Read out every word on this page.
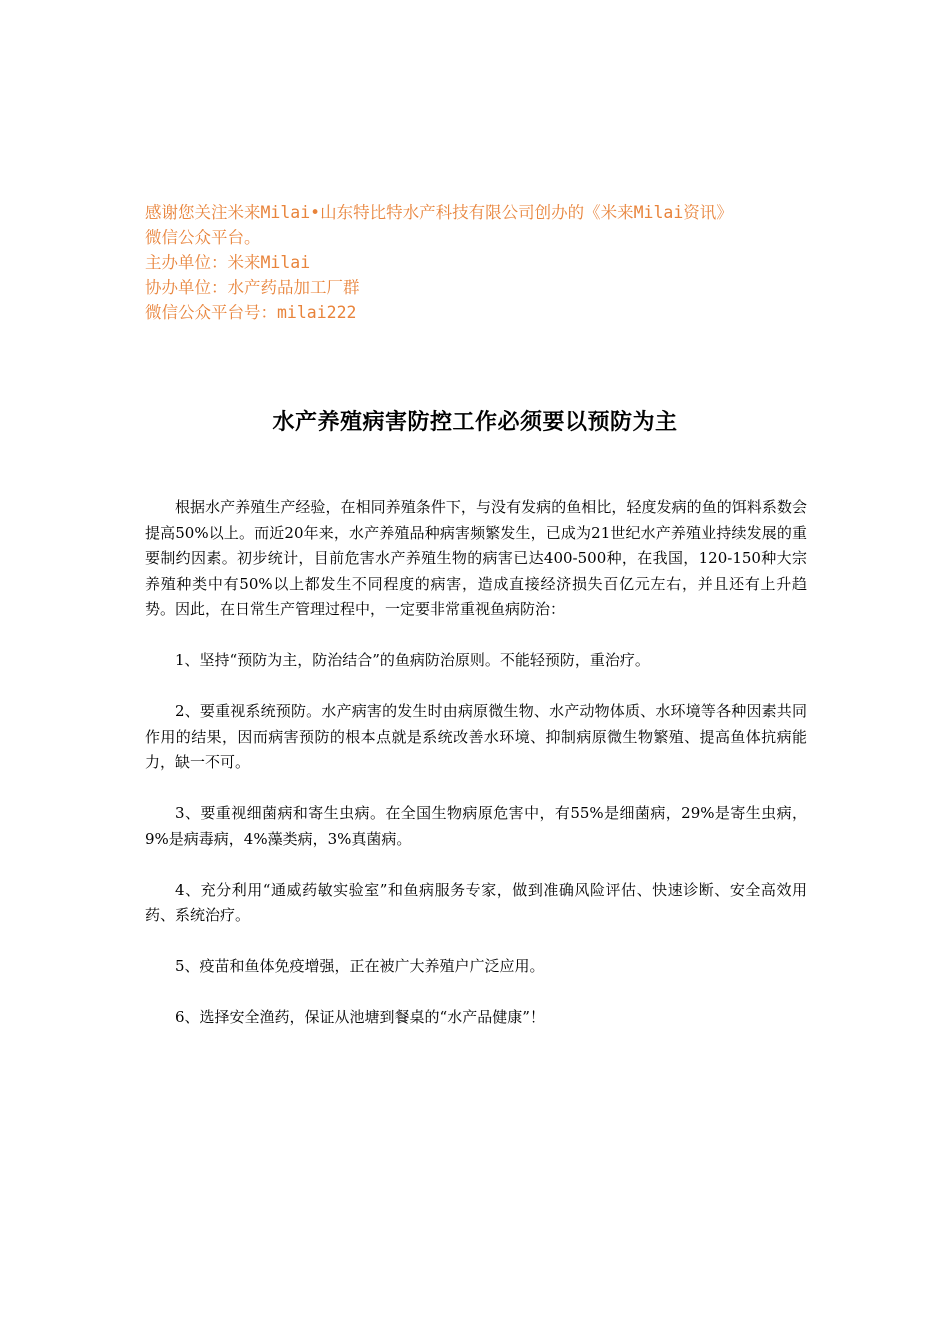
感谢您关注米来Milai•山东特比特水产科技有限公司创办的《米来Milai资讯》
微信公众平台。
主办单位：米来Milai
协办单位：水产药品加工厂群
微信公众平台号：milai222
水产养殖病害防控工作必须要以预防为主

根据水产养殖生产经验，在相同养殖条件下，与没有发病的鱼相比，轻度发病的鱼的饵料系数会提高50%以上。而近20年来，水产养殖品种病害频繁发生，已成为21世纪水产养殖业持续发展的重要制约因素。初步统计，目前危害水产养殖生物的病害已达400-500种，在我国，120-150种大宗养殖种类中有50%以上都发生不同程度的病害，造成直接经济损失百亿元左右，并且还有上升趋势。因此，在日常生产管理过程中，一定要非常重视鱼病防治：

1、坚持“预防为主，防治结合”的鱼病防治原则。不能轻预防，重治疗。

2、要重视系统预防。水产病害的发生时由病原微生物、水产动物体质、水环境等各种因素共同作用的结果，因而病害预防的根本点就是系统改善水环境、抑制病原微生物繁殖、提高鱼体抗病能力，缺一不可。

3、要重视细菌病和寄生虫病。在全国生物病原危害中，有55%是细菌病，29%是寄生虫病，9%是病毒病，4%藻类病，3%真菌病。

4、充分利用“通威药敏实验室”和鱼病服务专家，做到准确风险评估、快速诊断、安全高效用药、系统治疗。

5、疫苗和鱼体免疫增强，正在被广大养殖户广泛应用。

6、选择安全渔药，保证从池塘到餐桌的“水产品健康”！
